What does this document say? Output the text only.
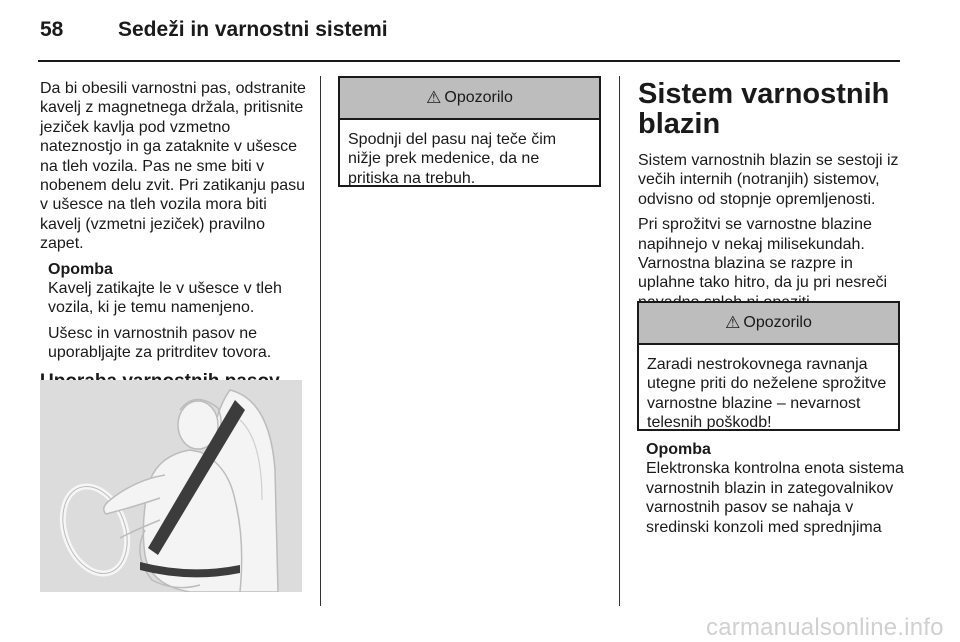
58	Sedeži in varnostni sistemi

Da bi obesili varnostni pas, odstranite kavelj z magnetnega držala, pritisnite jeziček kavlja pod vzmetno nateznostjo in ga zataknite v ušesce na tleh vozila. Pas ne sme biti v nobenem delu zvit. Pri zatikanju pasu v ušesce na tleh vozila mora biti kavelj (vzmetni jeziček) pravilno zapet.

Opomba

Kavelj zatikajte le v ušesce v tleh vozila, ki je temu namenjeno.

Ušesc in varnostnih pasov ne uporabljajte za pritrditev tovora.

⚠ Opozorilo
Spodnji del pasu naj teče čim nižje prek medenice, da ne pritiska na trebuh.
Sistem varnostnih blazin

Sistem varnostnih blazin se sestoji iz večih internih (notranjih) sistemov, odvisno od stopnje opremljenosti.

Pri sprožitvi se varnostne blazine napihnejo v nekaj milisekundah. Varnostna blazina se razpre in uplahne tako hitro, da ju pri nesreči

⚠ Opozorilo
Zaradi nestrokovnega ravnanja utegne priti do neželene sprožitve varnostne blazine – nevarnost telesnih poškodb!
Opomba

Elektronska kontrolna enota sistema varnostnih blazin in zategovalnikov varnostnih pasov se nahaja v sredinski konzoli med sprednjima

carmanualsonline.info
